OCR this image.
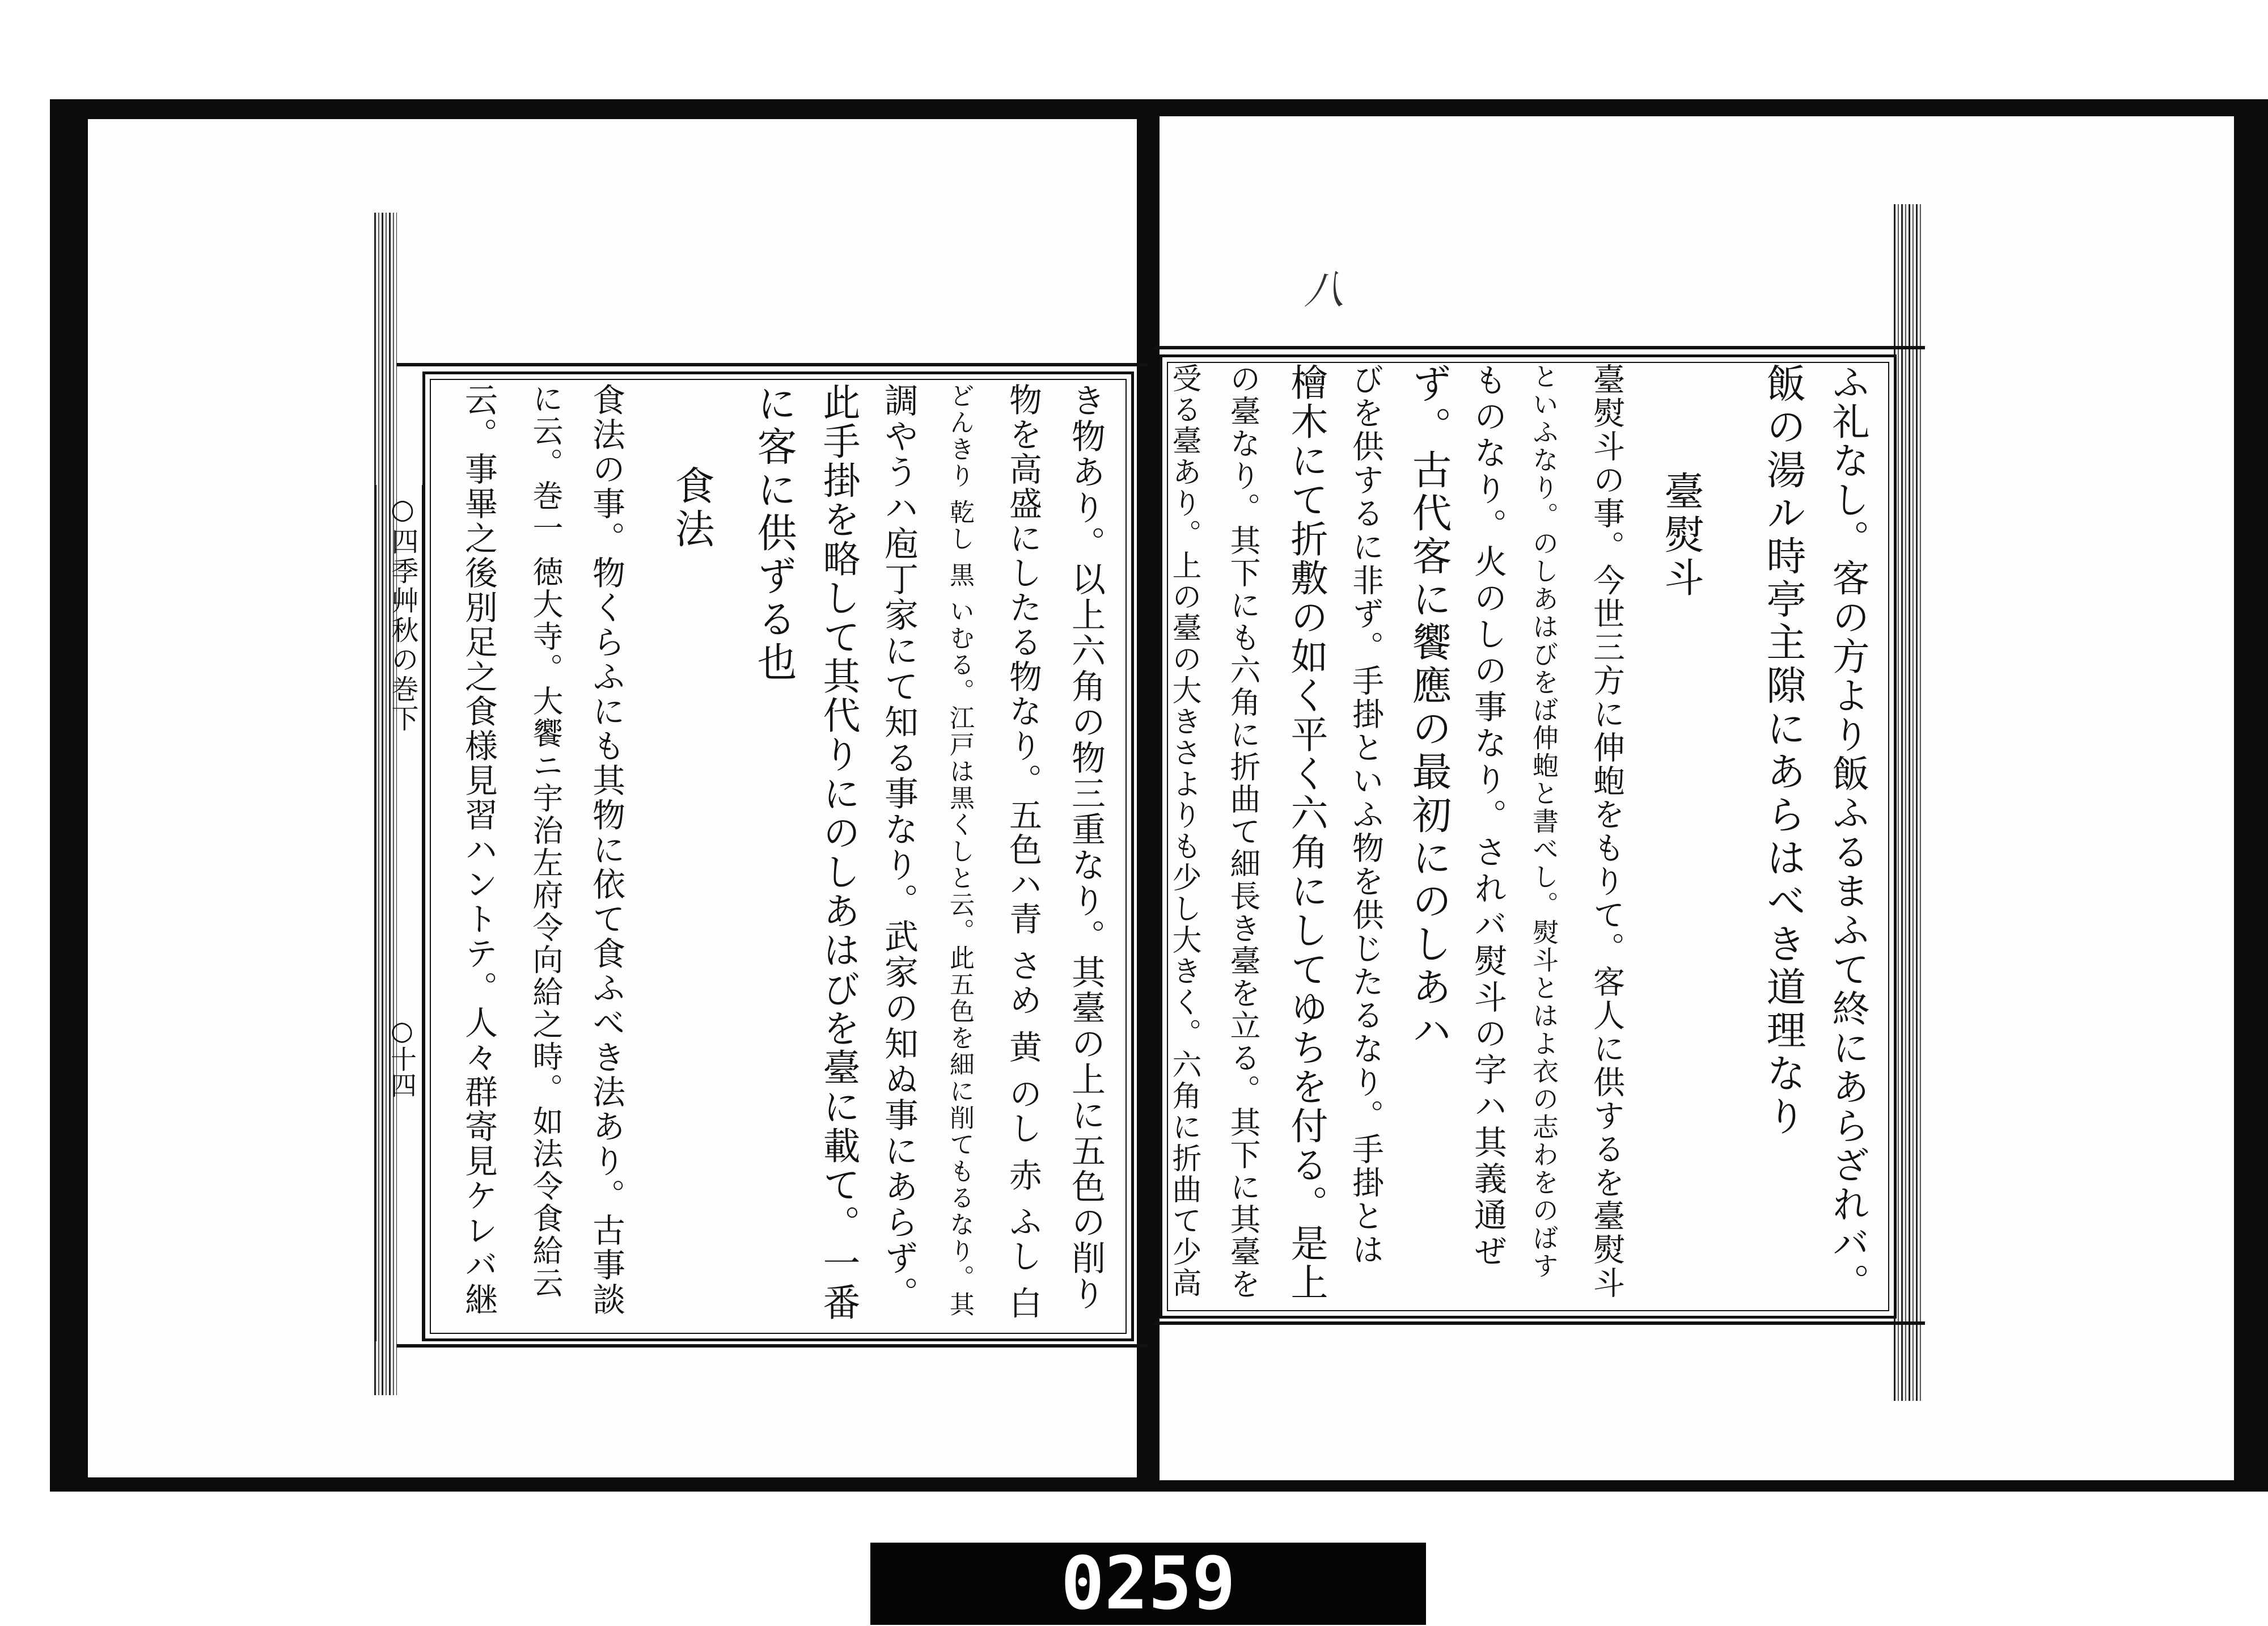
○四季艸秋の巻下
○十四	き物あり。以上六角の物三重なり。其臺の上に五色の削り
物を高盛にしたる物なり。五色ハ青 さめ 黄 のし 赤 ふし 白
どんきり 乾し 黒 いむる。江戸は黒くしと云。此五色を細に削てもるなり。其
調やうハ庖丁家にて知る事なり。武家の知ぬ事にあらず。
此手掛を略して其代りにのしあはびを臺に載て。一番
に客に供ずる也
食法
食法の事。物くらふにも其物に依て食ふべき法あり。古事談
に云。巻一 徳大寺。大饗ニ宇治左府令向給之時。如法令食給云
云。事畢之後別足之食様見習ハントテ。人々群寄見ケレバ継
八
ふ礼なし。客の方より飯ふるまふて終にあらざれバ。
飯の湯ル時亭主隙にあらはべき道理なり
臺熨斗
臺熨斗の事。今世三方に伸蚫をもりて。客人に供するを臺熨斗
といふなり。のしあはびをば伸蚫と書べし。熨斗とはよ衣の志わをのばす
ものなり。火のしの事なり。されバ熨斗の字ハ其義通ぜ
ず。古代客に饗應の最初にのしあハ
びを供するに非ず。手掛といふ物を供じたるなり。手掛とは
檜木にて折敷の如く平く六角にしてゆちを付る。是上
の臺なり。其下にも六角に折曲て細長き臺を立る。其下に其臺を
受る臺あり。上の臺の大きさよりも少し大きく。六角に折曲て少高
0259
